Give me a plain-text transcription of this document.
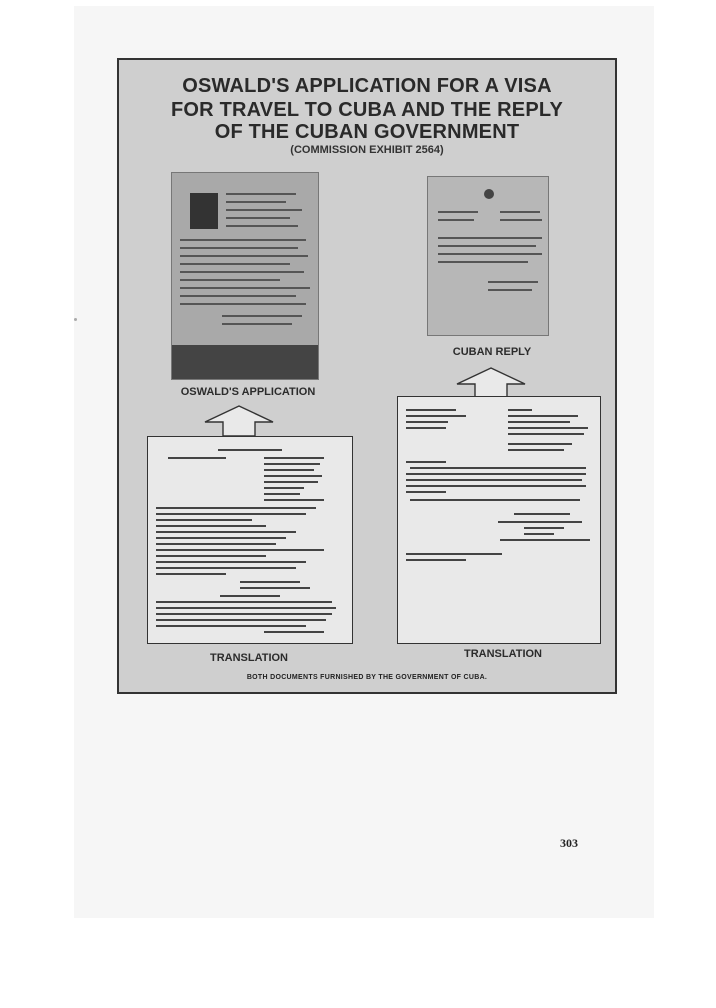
OSWALD'S APPLICATION FOR A VISA
FOR TRAVEL TO CUBA AND THE REPLY
OF THE CUBAN GOVERNMENT
(COMMISSION EXHIBIT 2564)
OSWALD'S APPLICATION
CUBAN REPLY
TRANSLATION	TRANSLATION
BOTH DOCUMENTS FURNISHED BY THE GOVERNMENT OF CUBA.
303
